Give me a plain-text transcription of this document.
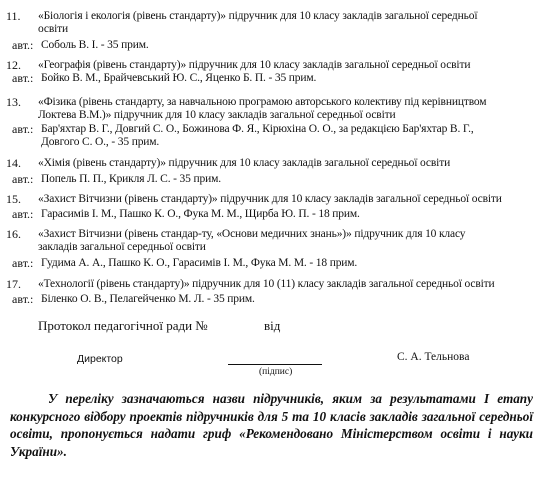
11. «Біологія і екологія (рівень стандарту)» підручник для 10 класу закладів загальної середньої
освіти
авт.: Соболь В. І. - 35 прим.
12. «Географія (рівень стандарту)» підручник для 10 класу закладів загальної середньої освіти
авт.: Бойко В. М., Брайчевський Ю. С., Яценко Б. П. - 35 прим.
13. «Фізика (рівень стандарту, за навчальною програмою авторського колективу під керівництвом
Локтева В.М.)» підручник для 10 класу закладів загальної середньої освіти
авт.: Бар'яхтар В. Г., Довгий С. О., Божинова Ф. Я., Кірюхіна О. О., за редакцією Бар'яхтар В. Г.,
Довгого С. О., - 35 прим.
14. «Хімія (рівень стандарту)» підручник для 10 класу закладів загальної середньої освіти
авт.: Попель П. П., Крикля Л. С. - 35 прим.
15. «Захист Вітчизни (рівень стандарту)» підручник для 10 класу закладів загальної середньої освіти
авт.: Гарасимів І. М., Пашко К. О., Фука М. М., Щирба Ю. П. - 18 прим.
16. «Захист Вітчизни (рівень стандар-ту, «Основи медичних знань»)» підручник для 10 класу
закладів загальної середньої освіти
авт.: Гудима А. А., Пашко К. О., Гарасимів І. М., Фука М. М. - 18 прим.
17. «Технології (рівень стандарту)» підручник для 10 (11) класу закладів загальної середньої освіти
авт.: Біленко О. В., Пелагейченко М. Л. - 35 прим.
Протокол педагогічної ради №	від
Директор
(підпис)
С. А. Тельнова
У переліку зазначаються назви підручників, яким за результатами І етапу конкурсного відбору проектів підручників для 5 та 10 класів закладів загальної середньої освіти, пропонується надати гриф «Рекомендовано Міністерством освіти і науки України».
